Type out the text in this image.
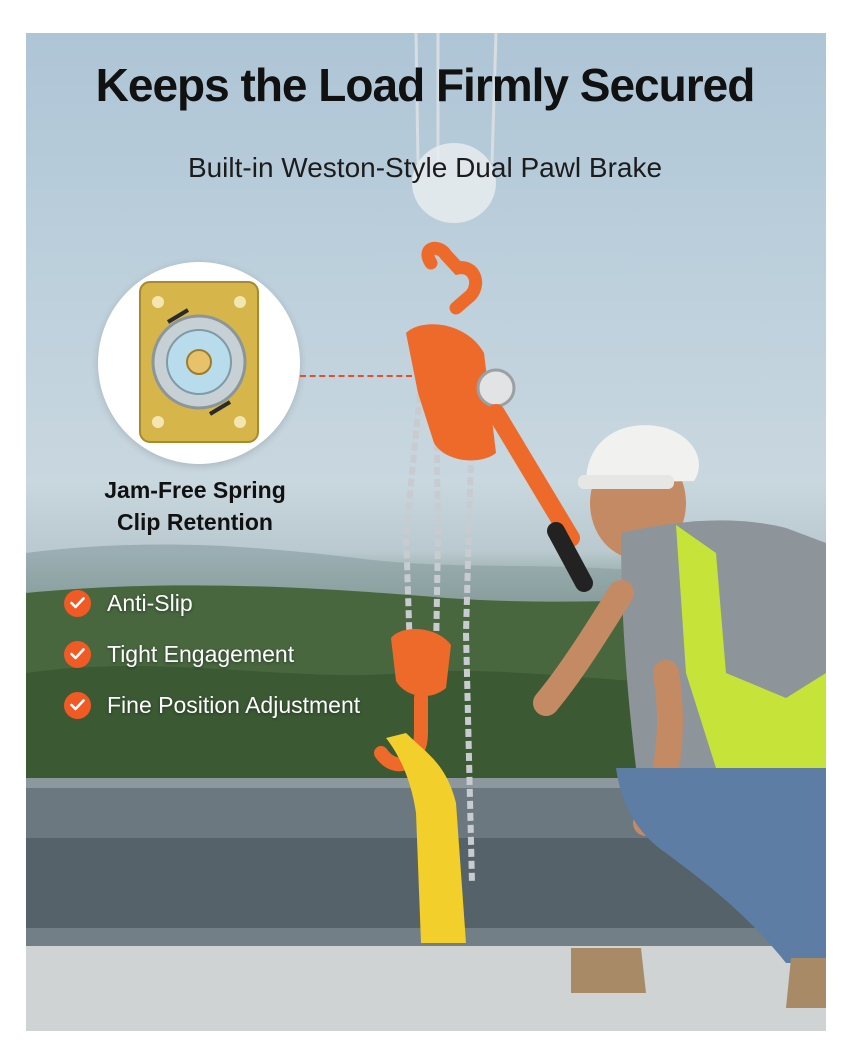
Keeps the Load Firmly Secured

Built-in Weston-Style Dual Pawl Brake

Jam-Free Spring
Clip Retention
Anti-Slip
Tight Engagement
Fine Position Adjustment
